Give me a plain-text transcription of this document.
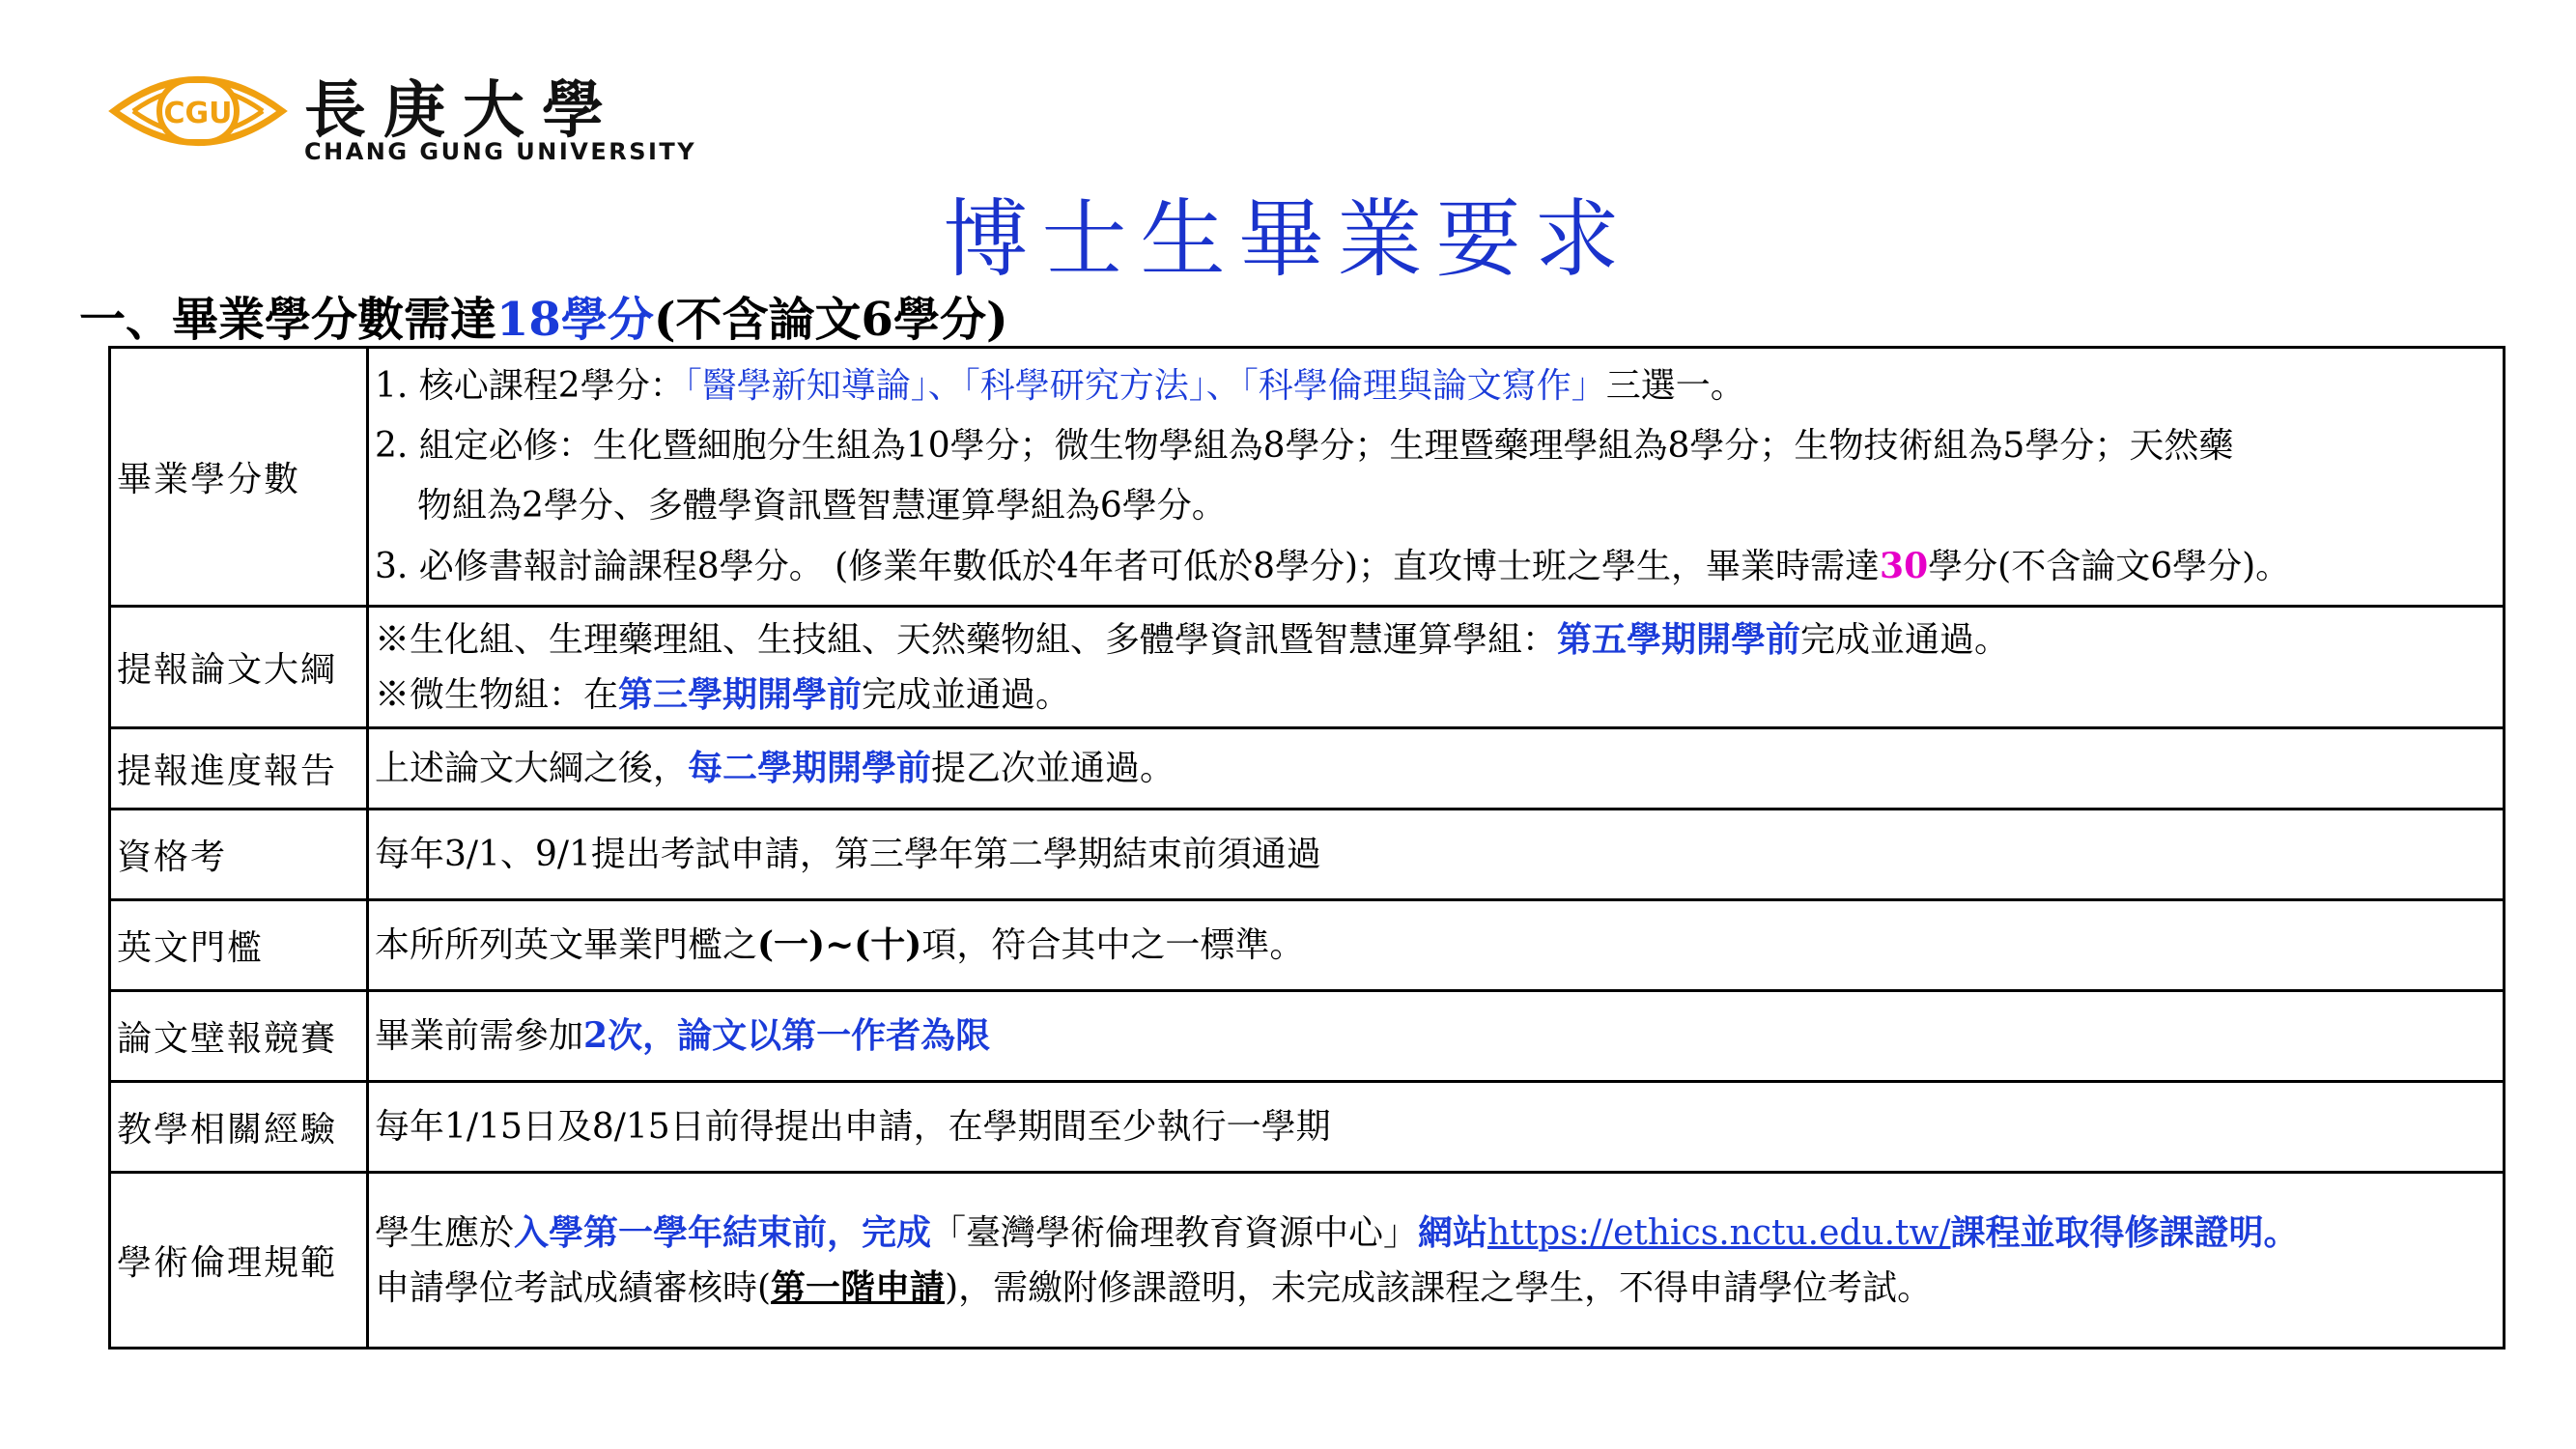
CGU 長庚大學
CHANG GUNG UNIVERSITY
博士生畢業要求
一、畢業學分數需達18學分(不含論文6學分)
畢業學分數	1. 核心課程2學分：「醫學新知導論」、「科學研究方法」、「科學倫理與論文寫作」三選一。
2. 組定必修：生化暨細胞分生組為10學分；微生物學組為8學分；生理暨藥理學組為8學分；生物技術組為5學分；天然藥
物組為2學分、多體學資訊暨智慧運算學組為6學分。
3. 必修書報討論課程8學分。 (修業年數低於4年者可低於8學分)；直攻博士班之學生，畢業時需達30學分(不含論文6學分)。

提報論文大綱	※生化組、生理藥理組、生技組、天然藥物組、多體學資訊暨智慧運算學組：第五學期開學前完成並通過。
※微生物組：在第三學期開學前完成並通過。

提報進度報告	上述論文大綱之後，每二學期開學前提乙次並通過。

資格考	每年3/1、9/1提出考試申請，第三學年第二學期結束前須通過

英文門檻	本所所列英文畢業門檻之(一)~(十)項，符合其中之一標準。

論文壁報競賽	畢業前需參加2次，論文以第一作者為限

教學相關經驗	每年1/15日及8/15日前得提出申請，在學期間至少執行一學期

學術倫理規範	學生應於入學第一學年結束前，完成「臺灣學術倫理教育資源中心」網站https://ethics.nctu.edu.tw/課程並取得修課證明。
申請學位考試成績審核時(第一階申請)，需繳附修課證明，未完成該課程之學生，不得申請學位考試。
